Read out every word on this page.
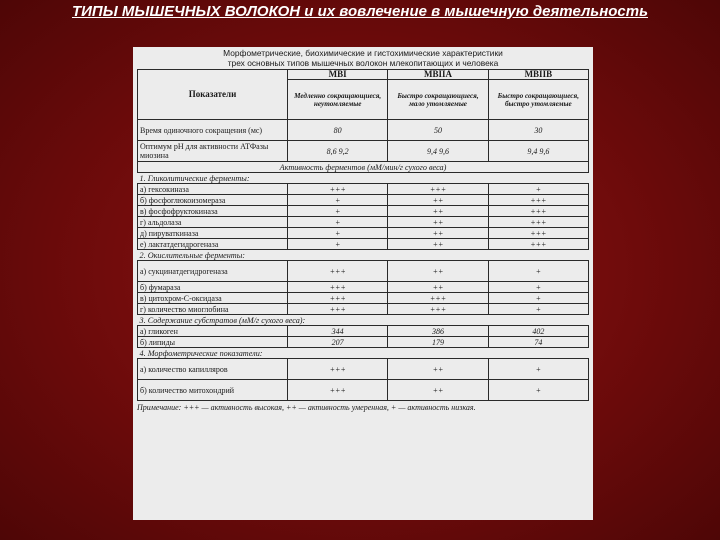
ТИПЫ МЫШЕЧНЫХ ВОЛОКОН и их вовлечение в мышечную деятельность
Морфометрические, биохимические и гистохимические характеристики
трех основных типов мышечных волокон млекопитающих и человека
Показатели	МВI	МВIIA	МВIIB
	Медленно сокращающиеся, неутомляемые	Быстро сокращающиеся, мало утомляемые	Быстро сокращающиеся, быстро утомляемые
Время одиночного сокращения (мс)	80	50	30
Оптимум рН для активности АТФазы миозина	8,6 9,2	9,4 9,6	9,4 9,6
Активность ферментов (мМ/мин/г сухого веса)			
1. Гликолитические ферменты:			
а) гексокиназа	+++	+++	+
б) фосфоглюкоизомераза	+	++	+++
в) фосфофруктокиназа	+	++	+++
г) альдолаза	+	++	+++
д) пируваткиназа	+	++	+++
е) лактатдегидрогеназа	+	++	+++
2. Окислительные ферменты:			
а) сукцинатдегидрогеназа	+++	++	+
б) фумараза	+++	++	+
в) цитохром-С-оксидаза	+++	+++	+
г) количество миоглобина	+++	+++	+
3. Содержание субстратов (мМ/г сухого веса):			
а) гликоген	344	386	402
б) липиды	207	179	74
4. Морфометрические показатели:			
а) количество капилляров	+++	++	+
б) количество митохондрий	+++	++	+
Примечание: +++ — активность высокая, ++ — активность умеренная, + — активность низкая.
